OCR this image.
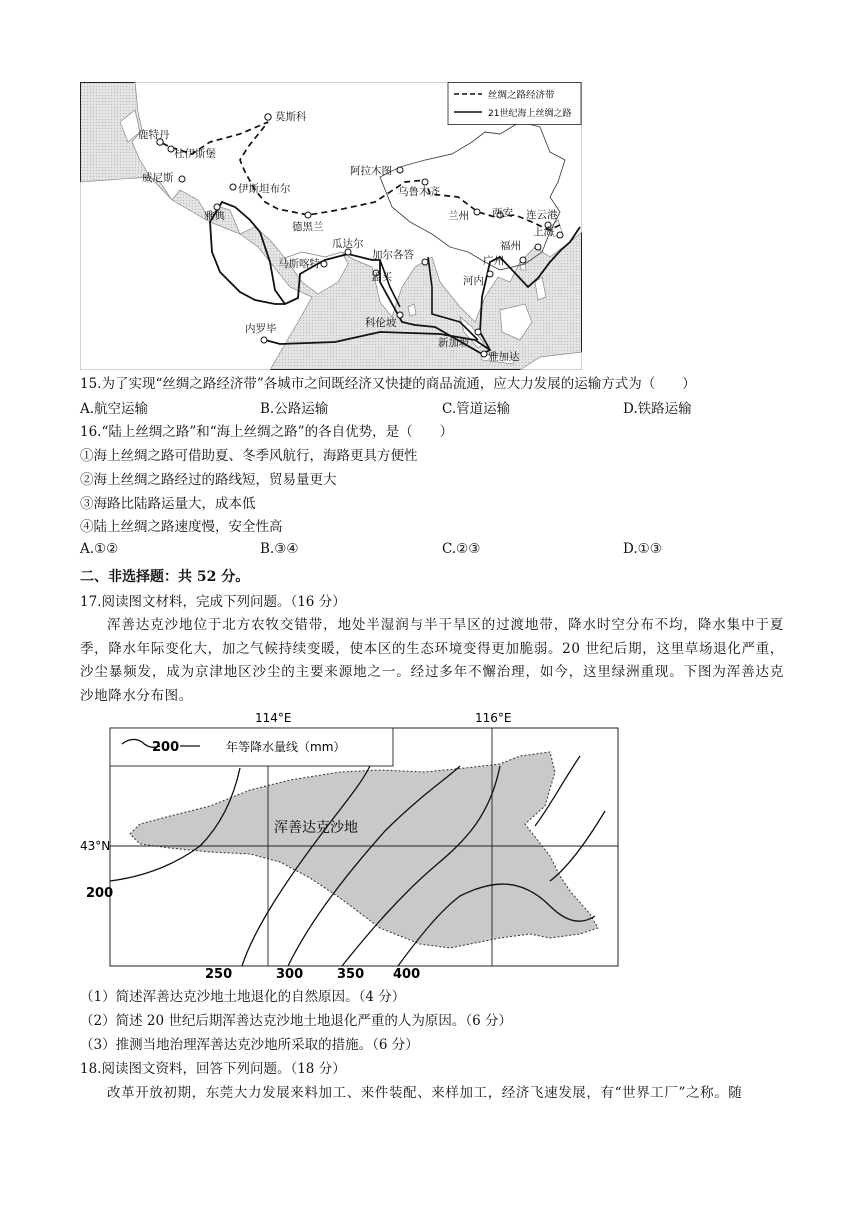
丝绸之路经济带
21世纪海上丝绸之路
莫斯科
鹿特丹
杜伊斯堡
威尼斯
伊斯坦布尔
雅典
德黑兰
阿拉木图
乌鲁木齐
兰州 西安 连云港
上海
福州
广州
河内
瓜达尔
马斯喀特
加尔各答
孟买
科伦坡
内罗毕
新加坡
雅加达
15.为了实现“丝绸之路经济带”各城市之间既经济又快捷的商品流通，应大力发展的运输方式为（　　）
A.航空运输	B.公路运输	C.管道运输	D.铁路运输
16.“陆上丝绸之路”和“海上丝绸之路”的各自优势，是（　　）
①海上丝绸之路可借助夏、冬季风航行，海路更具方便性
②海上丝绸之路经过的路线短，贸易量更大
③海路比陆路运量大，成本低
④陆上丝绸之路速度慢，安全性高
A.①②	B.③④	C.②③	D.①③
二、非选择题：共 52 分。
17.阅读图文材料，完成下列问题。（16 分）
浑善达克沙地位于北方农牧交错带，地处半湿润与半干旱区的过渡地带，降水时空分布不均，降水集中于夏季，降水年际变化大，加之气候持续变暖，使本区的生态环境变得更加脆弱。20 世纪后期，这里草场退化严重，沙尘暴频发，成为京津地区沙尘的主要来源地之一。经过多年不懈治理，如今，这里绿洲重现。下图为浑善达克沙地降水分布图。
114°E	116°E
200	年等降水量线（mm）
浑善达克沙地
43°N
200
250	300	350 400
（1）简述浑善达克沙地土地退化的自然原因。（4 分）
（2）简述 20 世纪后期浑善达克沙地土地退化严重的人为原因。（6 分）
（3）推测当地治理浑善达克沙地所采取的措施。（6 分）
18.阅读图文资料，回答下列问题。（18 分）
改革开放初期，东莞大力发展来料加工、来件装配、来样加工，经济飞速发展，有“世界工厂”之称。随
